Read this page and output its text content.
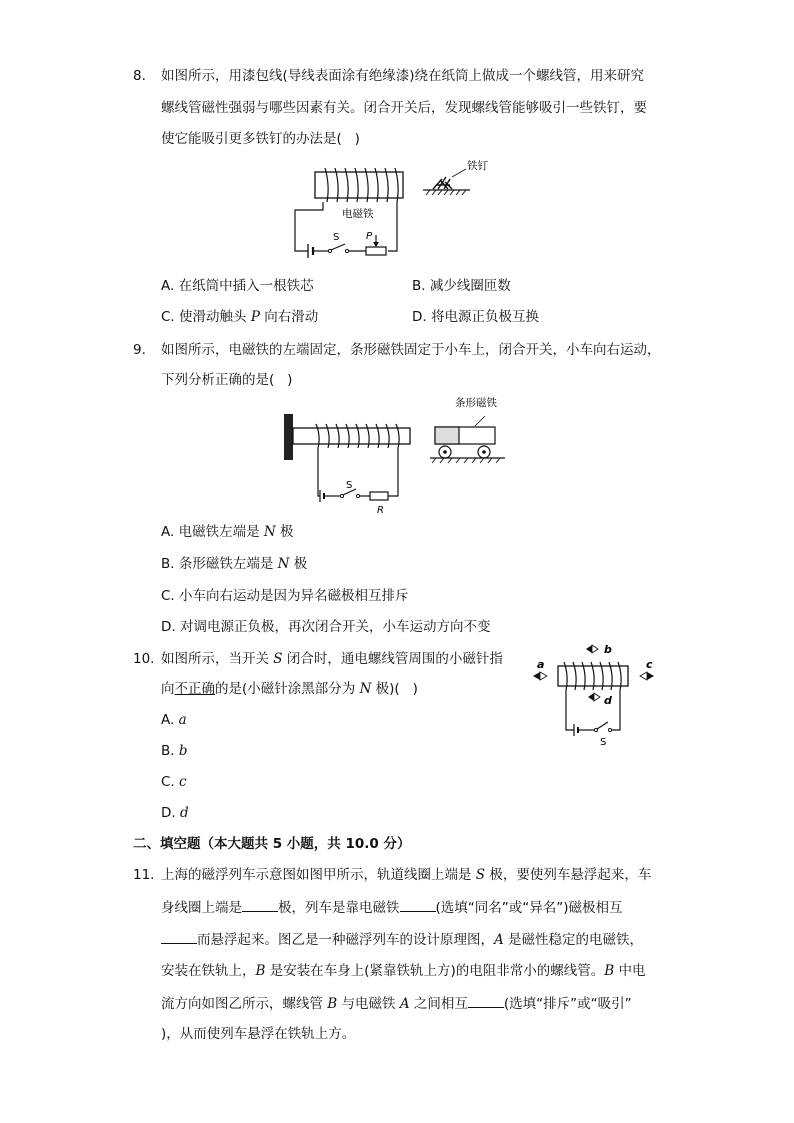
8. 如图所示，用漆包线(导线表面涂有绝缘漆)绕在纸筒上做成一个螺线管，用来研究
螺线管磁性强弱与哪些因素有关。闭合开关后，发现螺线管能够吸引一些铁钉，要
使它能吸引更多铁钉的办法是(   )
S	P
电磁铁
铁钉
A. 在纸筒中插入一根铁芯	B. 减少线圈匝数
C. 使滑动触头 P 向右滑动	D. 将电源正负极互换
9. 如图所示，电磁铁的左端固定，条形磁铁固定于小车上，闭合开关，小车向右运动，
下列分析正确的是(   )
S
R
条形磁铁
A. 电磁铁左端是 N 极
B. 条形磁铁左端是 N 极
C. 小车向右运动是因为异名磁极相互排斥
D. 对调电源正负极，再次闭合开关，小车运动方向不变
10. 如图所示，当开关 S 闭合时，通电螺线管周围的小磁针指
向不正确的是(小磁针涂黑部分为 N 极)(   )
b
a	c
d
S
A. a
B. b
C. c
D. d
二、填空题（本大题共 5 小题，共 10.0 分）
11. 上海的磁浮列车示意图如图甲所示，轨道线圈上端是 S 极，要使列车悬浮起来，车
身线圈上端是	极，列车是靠电磁铁	(选填“同名”或“异名”)磁极相互
而悬浮起来。图乙是一种磁浮列车的设计原理图，A 是磁性稳定的电磁铁，
安装在铁轨上，B 是安装在车身上(紧靠铁轨上方)的电阻非常小的螺线管。B 中电
流方向如图乙所示，螺线管 B 与电磁铁 A 之间相互	(选填“排斥”或“吸引”
)，从而使列车悬浮在铁轨上方。
